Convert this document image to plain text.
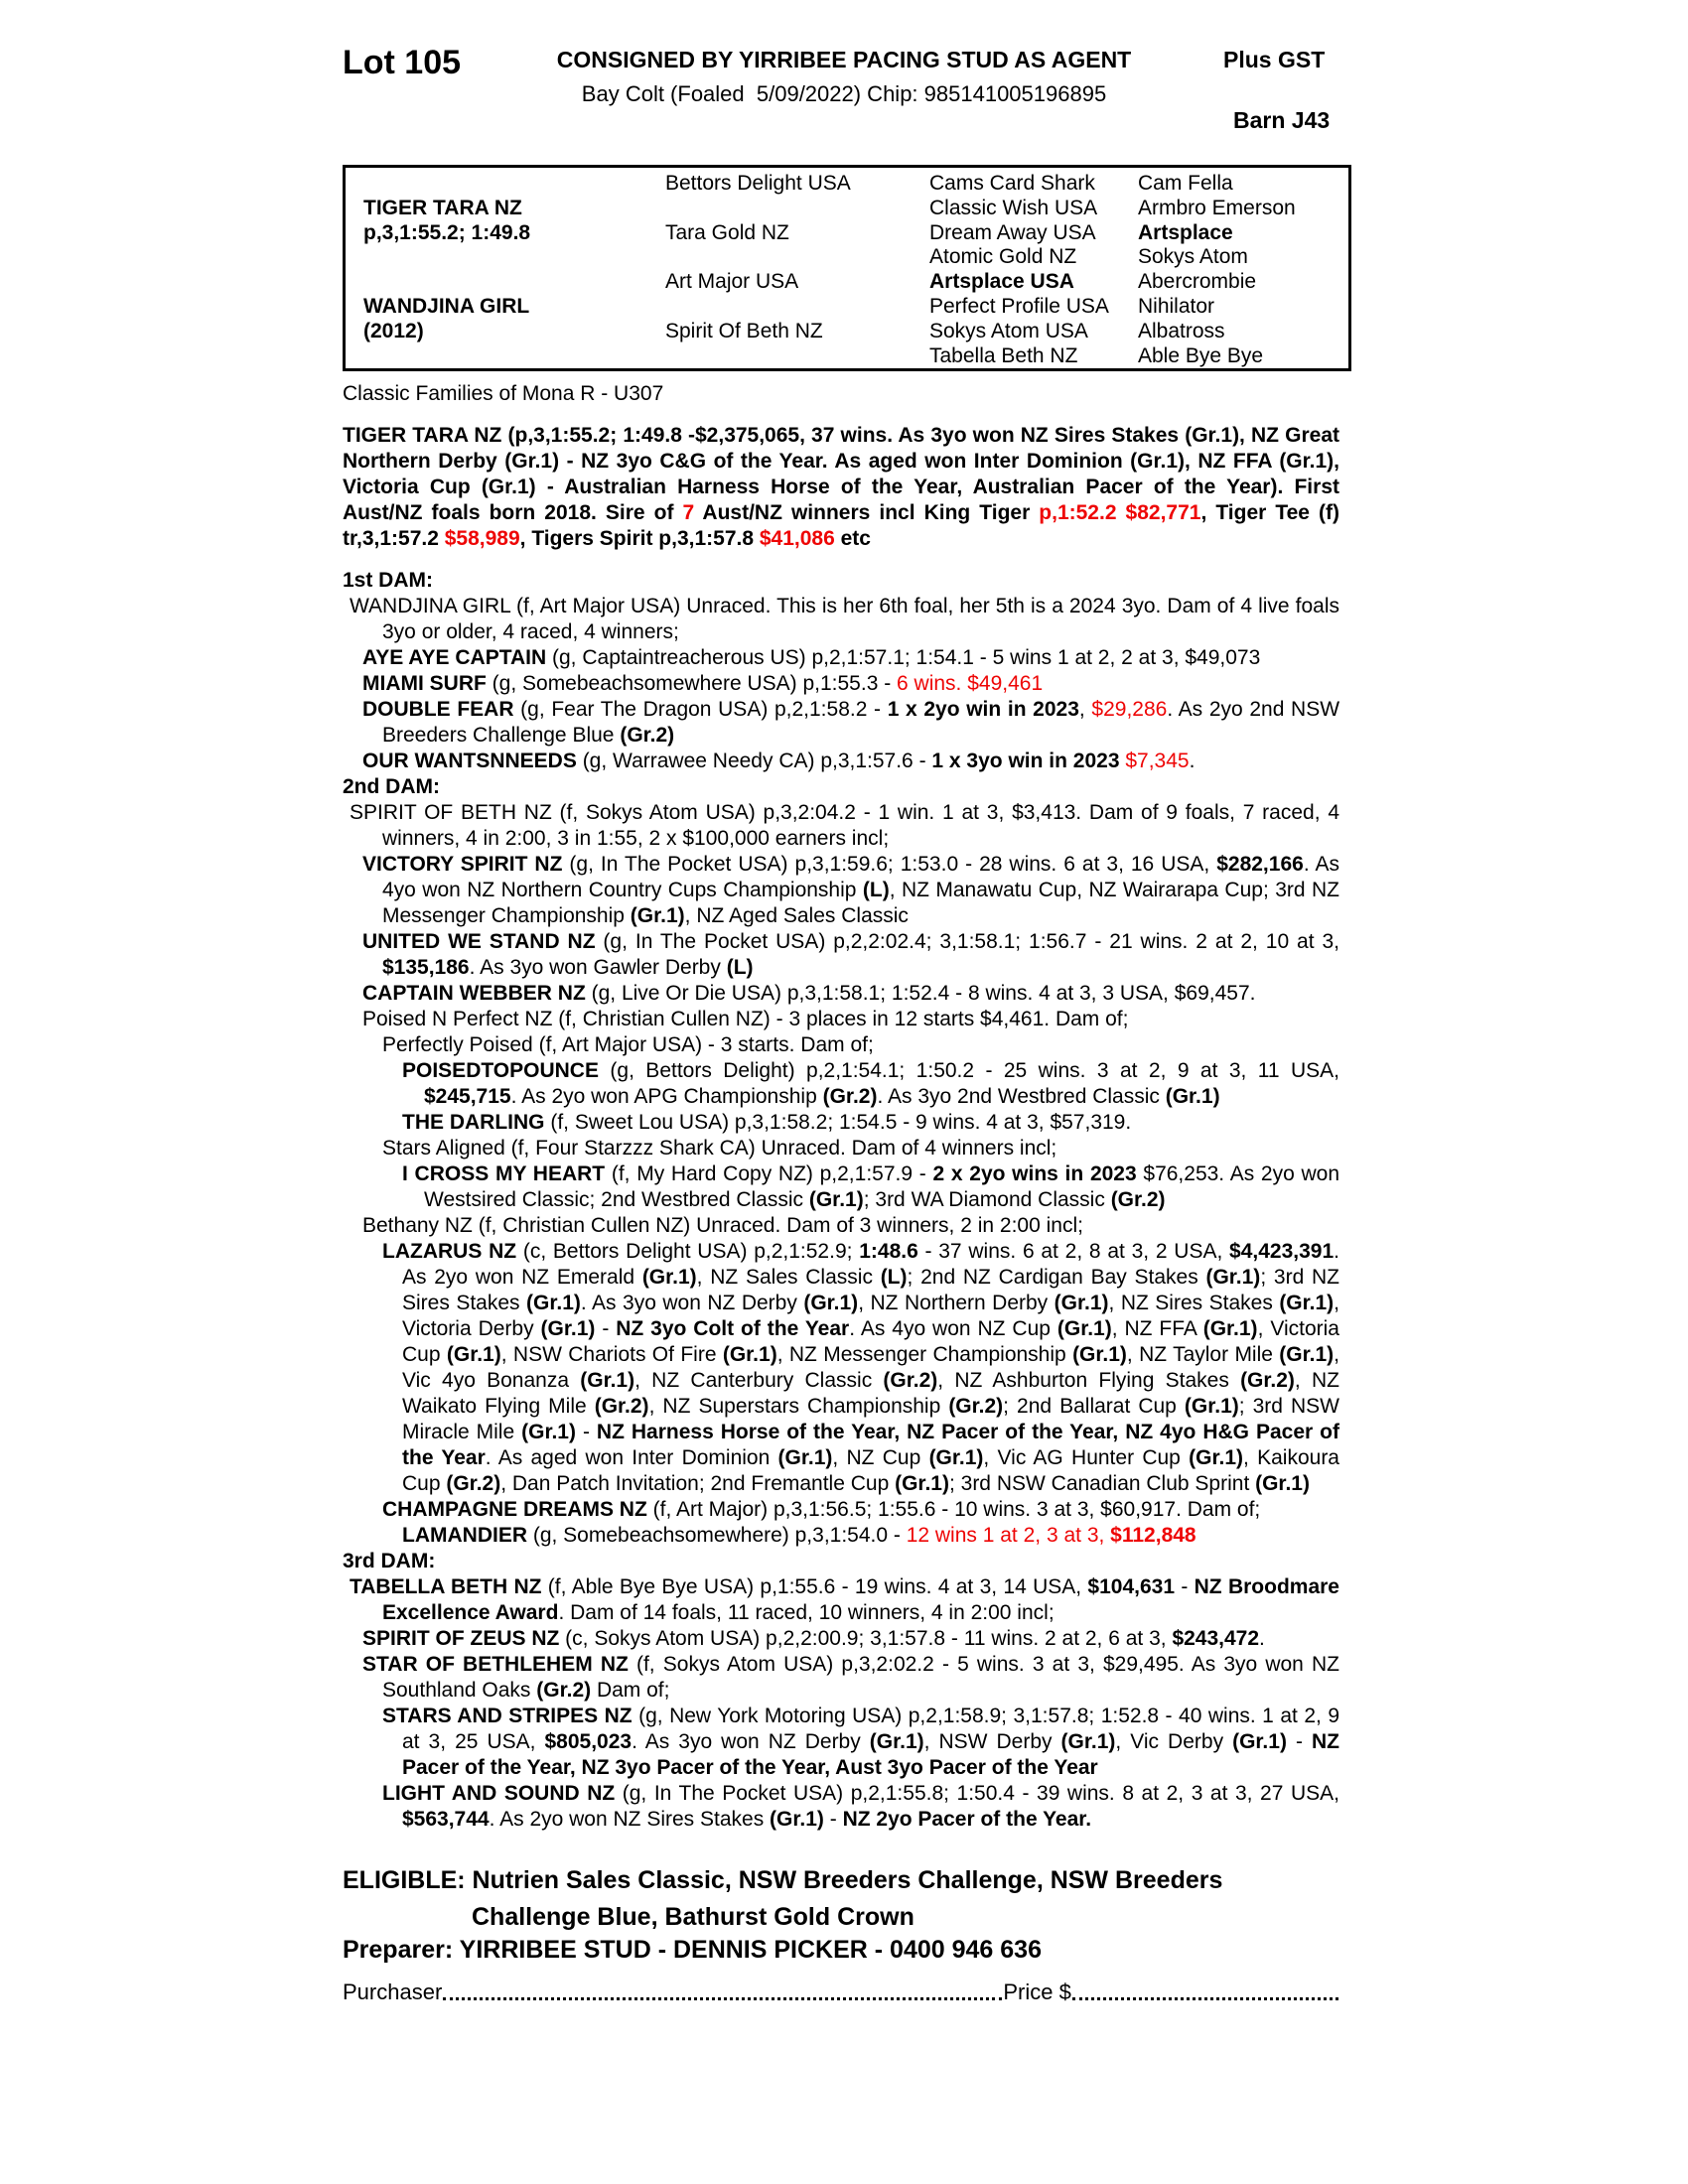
Lot 105	CONSIGNED BY YIRRIBEE PACING STUD AS AGENT
Bay Colt (Foaled  5/09/2022) Chip: 985141005196895
Plus GST
Barn J43
TIGER TARA NZ
p,3,1:55.2; 1:49.8
WANDJINA GIRL
(2012)
Bettors Delight USA
Tara Gold NZ
Art Major USA
Spirit Of Beth NZ
Cams Card Shark
Classic Wish USA
Dream Away USA
Atomic Gold NZ
Artsplace USA
Perfect Profile USA
Sokys Atom USA
Tabella Beth NZ
Cam Fella
Armbro Emerson
Artsplace
Sokys Atom
Abercrombie
Nihilator
Albatross
Able Bye Bye

Classic Families of Mona R - U307

TIGER TARA NZ (p,3,1:55.2; 1:49.8 -$2,375,065, 37 wins. As 3yo won NZ Sires Stakes (Gr.1), NZ Great Northern Derby (Gr.1) - NZ 3yo C&G of the Year. As aged won Inter Dominion (Gr.1), NZ FFA (Gr.1), Victoria Cup (Gr.1) - Australian Harness Horse of the Year, Australian Pacer of the Year). First Aust/NZ foals born 2018. Sire of 7 Aust/NZ winners incl King Tiger p,1:52.2 $82,771, Tiger Tee (f) tr,3,1:57.2 $58,989, Tigers Spirit p,3,1:57.8 $41,086 etc

1st DAM:

WANDJINA GIRL (f, Art Major USA) Unraced. This is her 6th foal, her 5th is a 2024 3yo. Dam of 4 live foals 3yo or older, 4 raced, 4 winners;

AYE AYE CAPTAIN (g, Captaintreacherous US) p,2,1:57.1; 1:54.1 - 5 wins 1 at 2, 2 at 3, $49,073

MIAMI SURF (g, Somebeachsomewhere USA) p,1:55.3 - 6 wins. $49,461

DOUBLE FEAR (g, Fear The Dragon USA) p,2,1:58.2 - 1 x 2yo win in 2023, $29,286. As 2yo 2nd NSW Breeders Challenge Blue (Gr.2)

OUR WANTSNNEEDS (g, Warrawee Needy CA) p,3,1:57.6 - 1 x 3yo win in 2023 $7,345.

2nd DAM:

SPIRIT OF BETH NZ (f, Sokys Atom USA) p,3,2:04.2 - 1 win. 1 at 3, $3,413. Dam of 9 foals, 7 raced, 4 winners, 4 in 2:00, 3 in 1:55, 2 x $100,000 earners incl;

VICTORY SPIRIT NZ (g, In The Pocket USA) p,3,1:59.6; 1:53.0 - 28 wins. 6 at 3, 16 USA, $282,166. As 4yo won NZ Northern Country Cups Championship (L), NZ Manawatu Cup, NZ Wairarapa Cup; 3rd NZ Messenger Championship (Gr.1), NZ Aged Sales Classic

UNITED WE STAND NZ (g, In The Pocket USA) p,2,2:02.4; 3,1:58.1; 1:56.7 - 21 wins. 2 at 2, 10 at 3, $135,186. As 3yo won Gawler Derby (L)

CAPTAIN WEBBER NZ (g, Live Or Die USA) p,3,1:58.1; 1:52.4 - 8 wins. 4 at 3, 3 USA, $69,457.

Poised N Perfect NZ (f, Christian Cullen NZ) - 3 places in 12 starts $4,461. Dam of;

Perfectly Poised (f, Art Major USA) - 3 starts. Dam of;

POISEDTOPOUNCE (g, Bettors Delight) p,2,1:54.1; 1:50.2 - 25 wins. 3 at 2, 9 at 3, 11 USA, $245,715. As 2yo won APG Championship (Gr.2). As 3yo 2nd Westbred Classic (Gr.1)

THE DARLING (f, Sweet Lou USA) p,3,1:58.2; 1:54.5 - 9 wins. 4 at 3, $57,319.

Stars Aligned (f, Four Starzzz Shark CA) Unraced. Dam of 4 winners incl;

I CROSS MY HEART (f, My Hard Copy NZ) p,2,1:57.9 - 2 x 2yo wins in 2023 $76,253. As 2yo won Westsired Classic; 2nd Westbred Classic (Gr.1); 3rd WA Diamond Classic (Gr.2)

Bethany NZ (f, Christian Cullen NZ) Unraced. Dam of 3 winners, 2 in 2:00 incl;

LAZARUS NZ (c, Bettors Delight USA) p,2,1:52.9; 1:48.6 - 37 wins. 6 at 2, 8 at 3, 2 USA, $4,423,391. As 2yo won NZ Emerald (Gr.1), NZ Sales Classic (L); 2nd NZ Cardigan Bay Stakes (Gr.1); 3rd NZ Sires Stakes (Gr.1). As 3yo won NZ Derby (Gr.1), NZ Northern Derby (Gr.1), NZ Sires Stakes (Gr.1), Victoria Derby (Gr.1) - NZ 3yo Colt of the Year. As 4yo won NZ Cup (Gr.1), NZ FFA (Gr.1), Victoria Cup (Gr.1), NSW Chariots Of Fire (Gr.1), NZ Messenger Championship (Gr.1), NZ Taylor Mile (Gr.1), Vic 4yo Bonanza (Gr.1), NZ Canterbury Classic (Gr.2), NZ Ashburton Flying Stakes (Gr.2), NZ Waikato Flying Mile (Gr.2), NZ Superstars Championship (Gr.2); 2nd Ballarat Cup (Gr.1); 3rd NSW Miracle Mile (Gr.1) - NZ Harness Horse of the Year, NZ Pacer of the Year, NZ 4yo H&G Pacer of the Year. As aged won Inter Dominion (Gr.1), NZ Cup (Gr.1), Vic AG Hunter Cup (Gr.1), Kaikoura Cup (Gr.2), Dan Patch Invitation; 2nd Fremantle Cup (Gr.1); 3rd NSW Canadian Club Sprint (Gr.1)

CHAMPAGNE DREAMS NZ (f, Art Major) p,3,1:56.5; 1:55.6 - 10 wins. 3 at 3, $60,917. Dam of;

LAMANDIER (g, Somebeachsomewhere) p,3,1:54.0 - 12 wins 1 at 2, 3 at 3, $112,848

3rd DAM:

TABELLA BETH NZ (f, Able Bye Bye USA) p,1:55.6 - 19 wins. 4 at 3, 14 USA, $104,631 - NZ Broodmare Excellence Award. Dam of 14 foals, 11 raced, 10 winners, 4 in 2:00 incl;

SPIRIT OF ZEUS NZ (c, Sokys Atom USA) p,2,2:00.9; 3,1:57.8 - 11 wins. 2 at 2, 6 at 3, $243,472.

STAR OF BETHLEHEM NZ (f, Sokys Atom USA) p,3,2:02.2 - 5 wins. 3 at 3, $29,495. As 3yo won NZ Southland Oaks (Gr.2) Dam of;

STARS AND STRIPES NZ (g, New York Motoring USA) p,2,1:58.9; 3,1:57.8; 1:52.8 - 40 wins. 1 at 2, 9 at 3, 25 USA, $805,023. As 3yo won NZ Derby (Gr.1), NSW Derby (Gr.1), Vic Derby (Gr.1) - NZ Pacer of the Year, NZ 3yo Pacer of the Year, Aust 3yo Pacer of the Year

LIGHT AND SOUND NZ (g, In The Pocket USA) p,2,1:55.8; 1:50.4 - 39 wins. 8 at 2, 3 at 3, 27 USA, $563,744. As 2yo won NZ Sires Stakes (Gr.1) - NZ 2yo Pacer of the Year.

ELIGIBLE: Nutrien Sales Classic, NSW Breeders Challenge, NSW Breeders
Challenge Blue, Bathurst Gold Crown
Preparer: YIRRIBEE STUD - DENNIS PICKER - 0400 946 636
Purchaser	Price $
